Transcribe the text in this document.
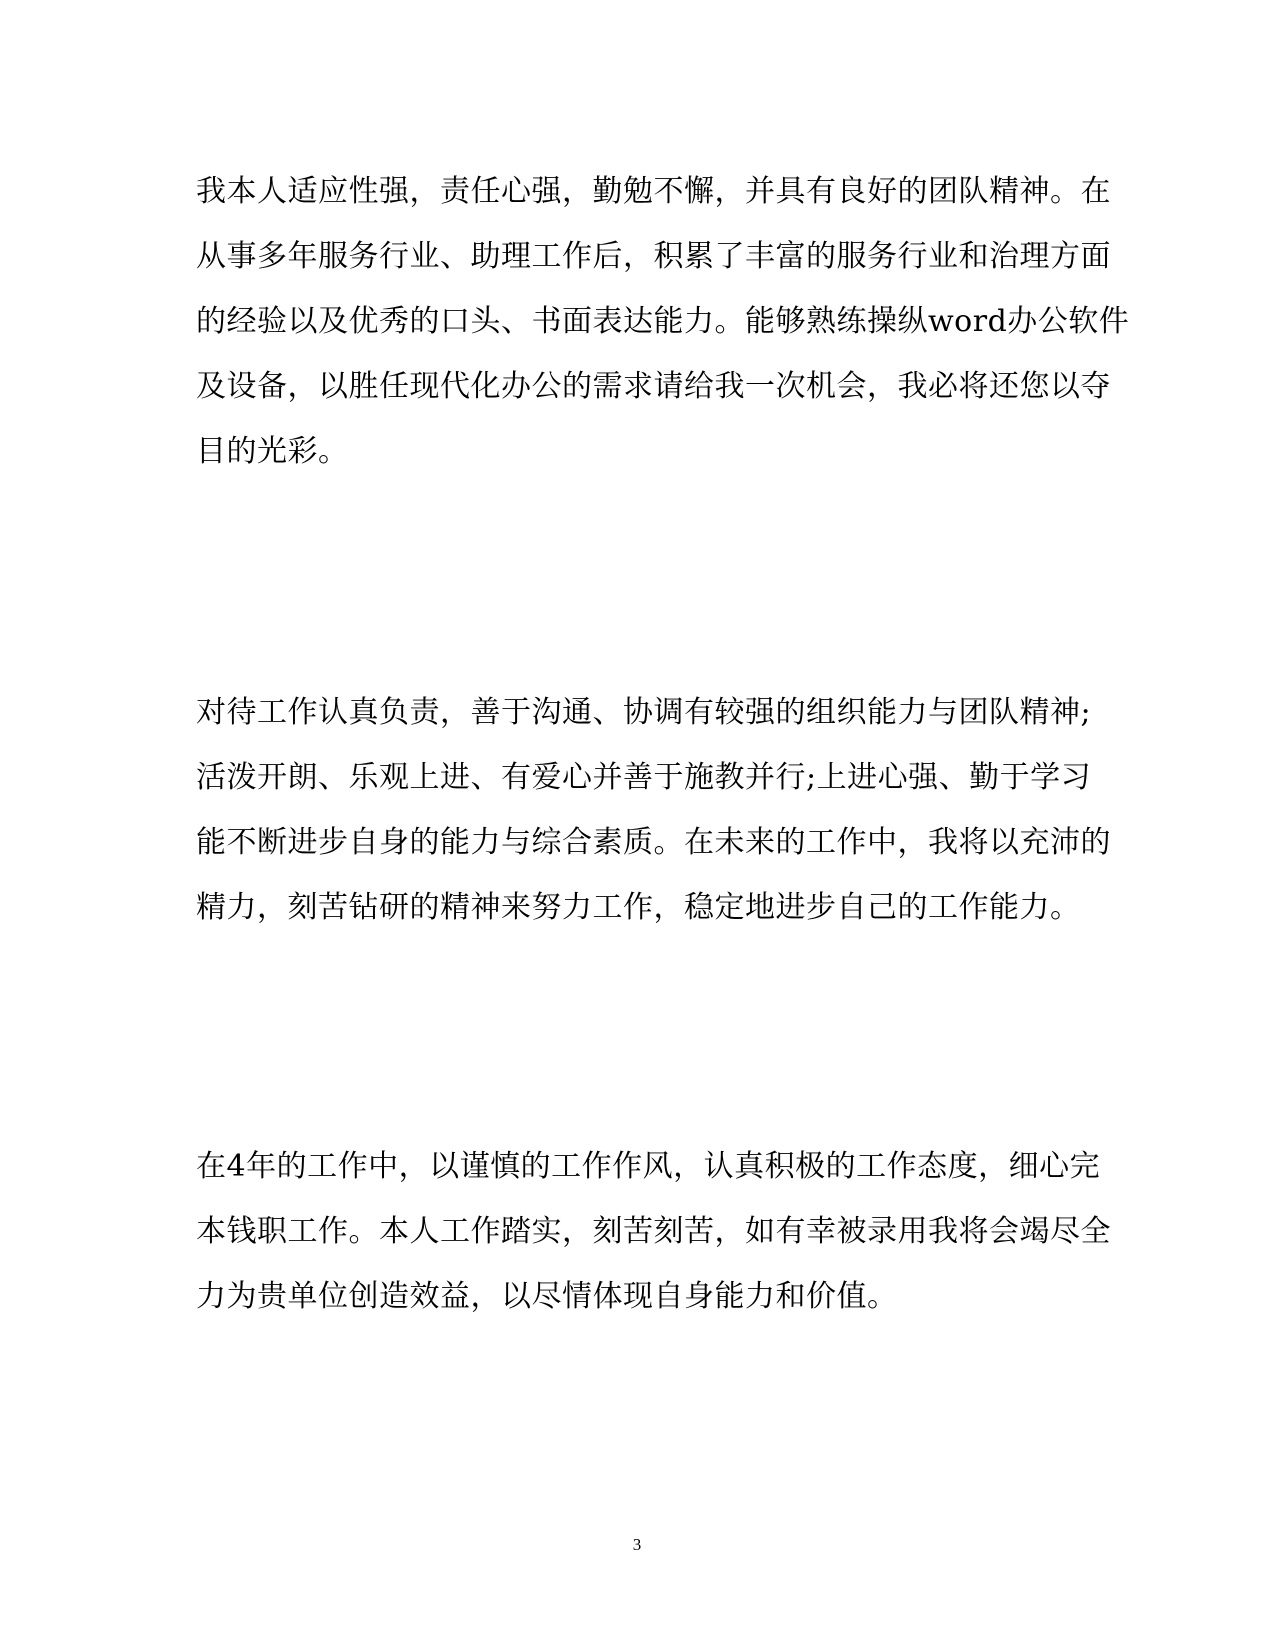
我本人适应性强，责任心强，勤勉不懈，并具有良好的团队精神。在
从事多年服务行业、助理工作后，积累了丰富的服务行业和治理方面
的经验以及优秀的口头、书面表达能力。能够熟练操纵word办公软件
及设备，以胜任现代化办公的需求请给我一次机会，我必将还您以夺
目的光彩。
对待工作认真负责，善于沟通、协调有较强的组织能力与团队精神;
活泼开朗、乐观上进、有爱心并善于施教并行;上进心强、勤于学习
能不断进步自身的能力与综合素质。在未来的工作中，我将以充沛的
精力，刻苦钻研的精神来努力工作，稳定地进步自己的工作能力。
在4年的工作中，以谨慎的工作作风，认真积极的工作态度，细心完
本钱职工作。本人工作踏实，刻苦刻苦，如有幸被录用我将会竭尽全
力为贵单位创造效益，以尽情体现自身能力和价值。
3
